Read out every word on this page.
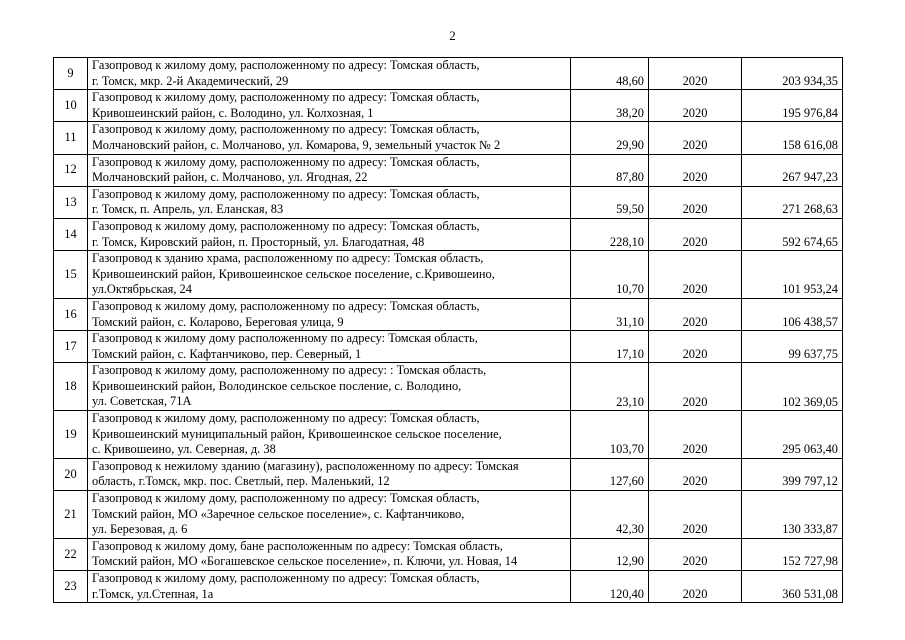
2
9	Газопровод к жилому дому, расположенному по адресу: Томская область,
г. Томск, мкр. 2-й Академический, 29	48,60	2020	203 934,35
10	Газопровод к жилому дому, расположенному по адресу: Томская область,
Кривошеинский район, с. Володино, ул. Колхозная, 1	38,20	2020	195 976,84
11	Газопровод к жилому дому, расположенному по адресу: Томская область,
Молчановский район, с. Молчаново, ул. Комарова, 9, земельный участок № 2	29,90	2020	158 616,08
12	Газопровод к жилому дому, расположенному по адресу: Томская область,
Молчановский район, с. Молчаново, ул. Ягодная, 22	87,80	2020	267 947,23
13	Газопровод к жилому дому, расположенному по адресу: Томская область,
г. Томск, п. Апрель, ул. Еланская, 83	59,50	2020	271 268,63
14	Газопровод к жилому дому, расположенному по адресу: Томская область,
г. Томск, Кировский район, п. Просторный, ул. Благодатная, 48	228,10	2020	592 674,65
15	Газопровод к зданию храма, расположенному по адресу: Томская область,
Кривошеинский район, Кривошеинское сельское поселение, с.Кривошеино,
ул.Октябрьская, 24	10,70	2020	101 953,24
16	Газопровод к жилому дому, расположенному по адресу: Томская область,
Томский район, с. Коларово, Береговая улица, 9	31,10	2020	106 438,57
17	Газопровод к жилому дому расположенному по адресу: Томская область,
Томский район, с. Кафтанчиково, пер. Северный, 1	17,10	2020	99 637,75
18	Газопровод к жилому дому, расположенному по адресу: : Томская область,
Кривошеинский район, Володинское сельское посление, с. Володино,
ул. Советская, 71А	23,10	2020	102 369,05
19	Газопровод к жилому дому, расположенному по адресу: Томская область,
Кривошеинский муниципальный район, Кривошеинское сельское поселение,
с. Кривошеино, ул. Северная, д. 38	103,70	2020	295 063,40
20	Газопровод к нежилому зданию (магазину), расположенному по адресу: Томская
область, г.Томск, мкр. пос. Светлый, пер. Маленький, 12	127,60	2020	399 797,12
21	Газопровод к жилому дому, расположенному по адресу: Томская область,
Томский район, МО «Заречное сельское поселение», с. Кафтанчиково,
ул. Березовая, д. 6	42,30	2020	130 333,87
22	Газопровод к жилому дому, бане расположенным по адресу: Томская область,
Томский район, МО «Богашевское сельское поселение», п. Ключи, ул. Новая, 14	12,90	2020	152 727,98
23	Газопровод к жилому дому, расположенному по адресу: Томская область,
г.Томск, ул.Степная, 1а	120,40	2020	360 531,08
